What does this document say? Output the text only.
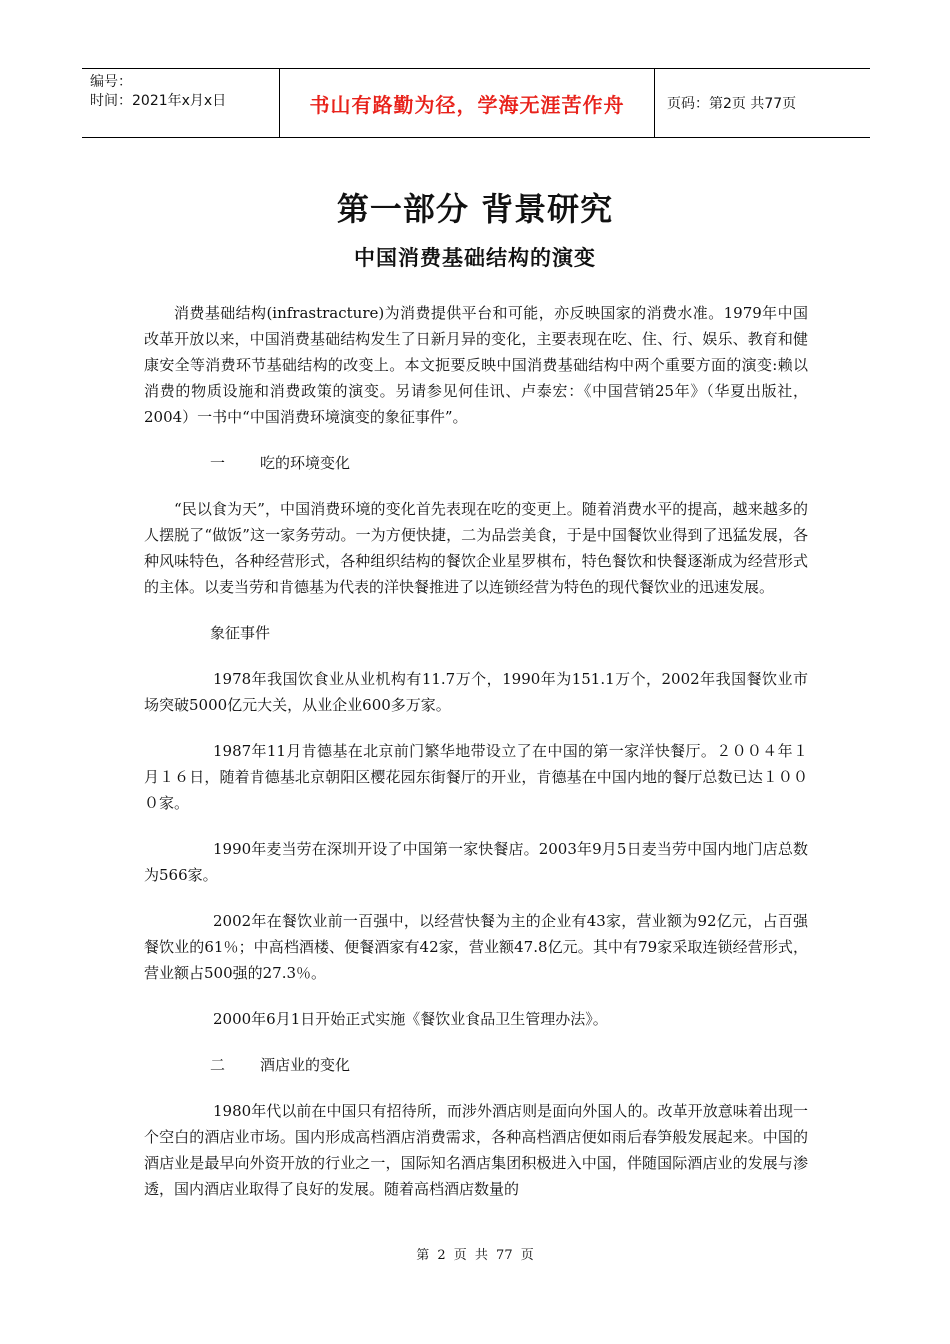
编号：
时间：2021年x月x日	书山有路勤为径，学海无涯苦作舟	页码：第2页 共77页
第一部分 背景研究
中国消费基础结构的演变

消费基础结构(infrastracture)为消费提供平台和可能，亦反映国家的消费水准。1979年中国改革开放以来，中国消费基础结构发生了日新月异的变化，主要表现在吃、住、行、娱乐、教育和健康安全等消费环节基础结构的改变上。本文扼要反映中国消费基础结构中两个重要方面的演变:赖以消费的物质设施和消费政策的演变。另请参见何佳讯、卢泰宏：《中国营销25年》（华夏出版社，2004）一书中“中国消费环境演变的象征事件”。

一 吃的环境变化

“民以食为天”，中国消费环境的变化首先表现在吃的变更上。随着消费水平的提高，越来越多的人摆脱了“做饭”这一家务劳动。一为方便快捷，二为品尝美食，于是中国餐饮业得到了迅猛发展，各种风味特色，各种经营形式，各种组织结构的餐饮企业星罗棋布，特色餐饮和快餐逐渐成为经营形式的主体。以麦当劳和肯德基为代表的洋快餐推进了以连锁经营为特色的现代餐饮业的迅速发展。

象征事件

1978年我国饮食业从业机构有11.7万个，1990年为151.1万个，2002年我国餐饮业市场突破5000亿元大关，从业企业600多万家。

1987年11月肯德基在北京前门繁华地带设立了在中国的第一家洋快餐厅。２００４年１月１６日，随着肯德基北京朝阳区樱花园东街餐厅的开业，肯德基在中国内地的餐厅总数已达１０００家。

1990年麦当劳在深圳开设了中国第一家快餐店。2003年9月5日麦当劳中国内地门店总数为566家。

2002年在餐饮业前一百强中，以经营快餐为主的企业有43家，营业额为92亿元，占百强餐饮业的61％；中高档酒楼、便餐酒家有42家，营业额47.8亿元。其中有79家采取连锁经营形式，营业额占500强的27.3％。

2000年6月1日开始正式实施《餐饮业食品卫生管理办法》。

二 酒店业的变化

1980年代以前在中国只有招待所，而涉外酒店则是面向外国人的。改革开放意味着出现一个空白的酒店业市场。国内形成高档酒店消费需求，各种高档酒店便如雨后春笋般发展起来。中国的酒店业是最早向外资开放的行业之一，国际知名酒店集团积极进入中国，伴随国际酒店业的发展与渗透，国内酒店业取得了良好的发展。随着高档酒店数量的

第 2 页 共 77 页
